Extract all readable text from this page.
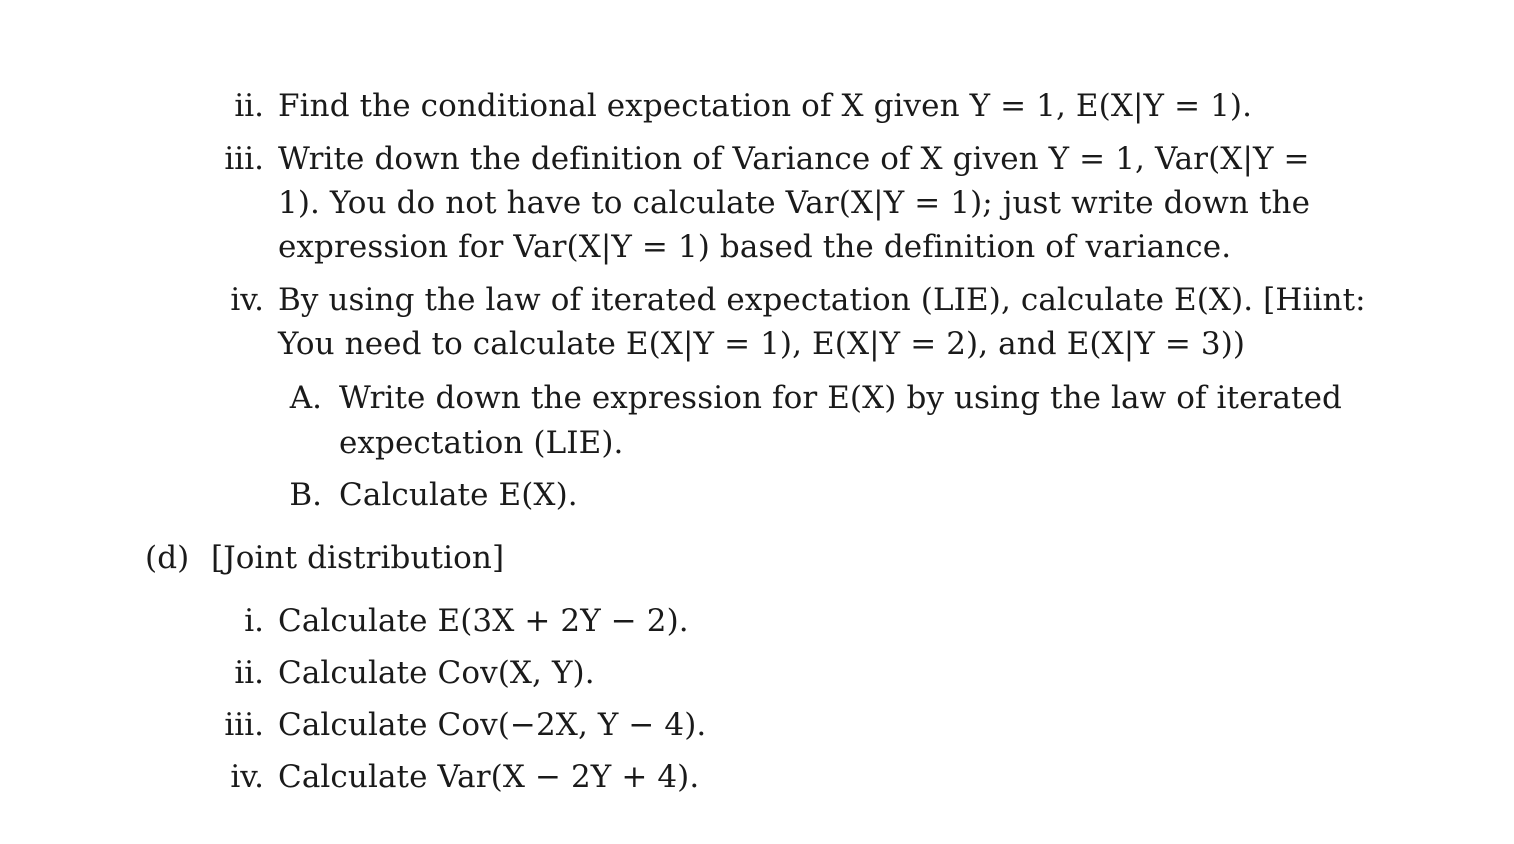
ii. Find the conditional expectation of X given Y = 1, E(X|Y = 1).
iii. Write down the definition of Variance of X given Y = 1, Var(X|Y =
1). You do not have to calculate Var(X|Y = 1); just write down the
expression for Var(X|Y = 1) based the definition of variance.
iv. By using the law of iterated expectation (LIE), calculate E(X). [Hiint:
You need to calculate E(X|Y = 1), E(X|Y = 2), and E(X|Y = 3))
A. Write down the expression for E(X) by using the law of iterated
expectation (LIE).
B. Calculate E(X).
(d) [Joint distribution]
i. Calculate E(3X + 2Y − 2).
ii. Calculate Cov(X, Y).
iii. Calculate Cov(−2X, Y − 4).
iv. Calculate Var(X − 2Y + 4).
